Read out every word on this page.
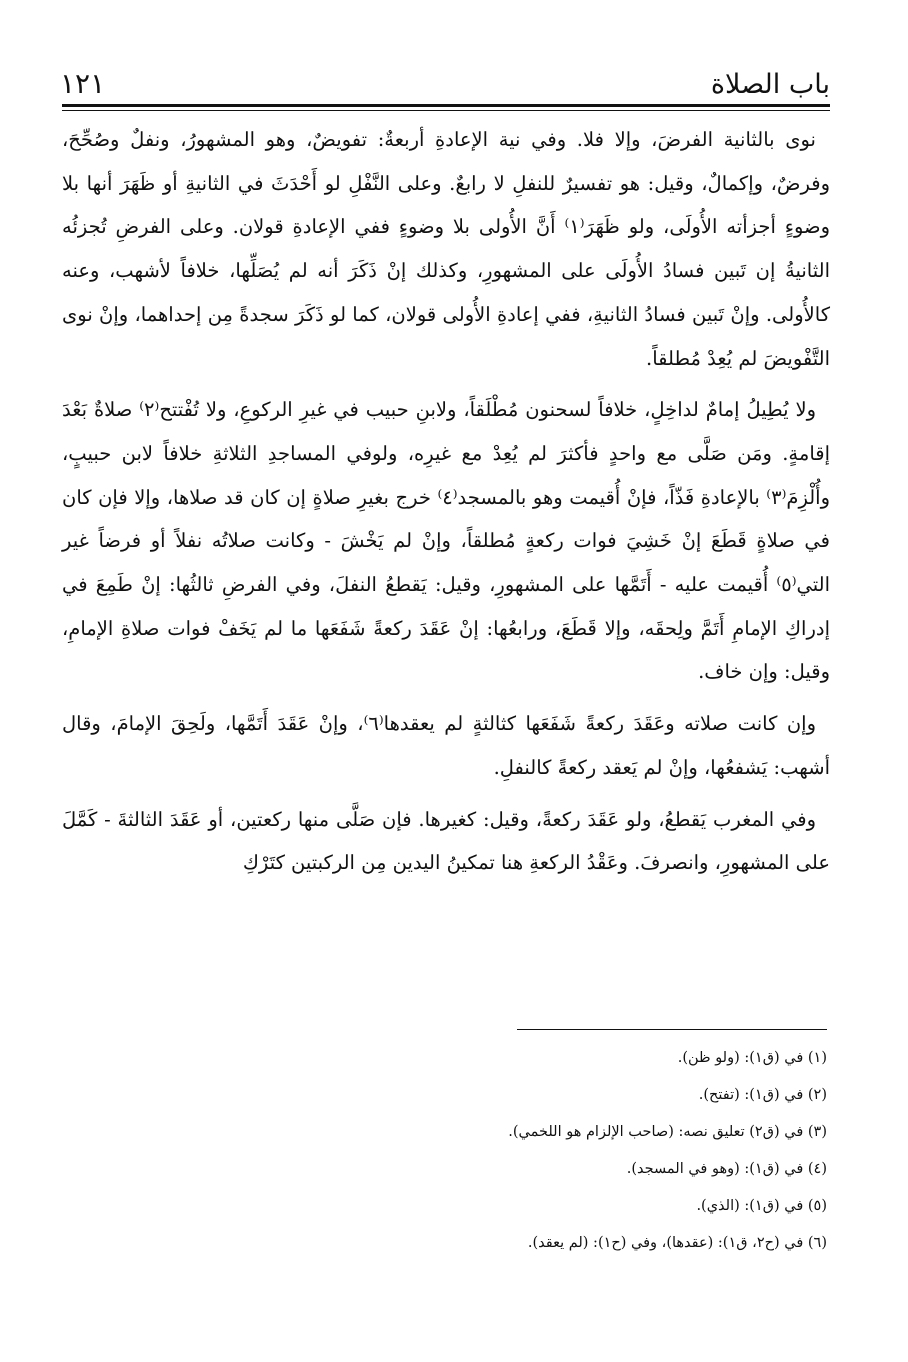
باب الصلاة
١٢١

نوى بالثانية الفرضَ، وإلا فلا. وفي نية الإعادةِ أربعةٌ: تفويضٌ، وهو المشهورُ، ونفلٌ وصُحِّحَ، وفرضٌ، وإكمالٌ، وقيل: هو تفسيرٌ للنفلِ لا رابعٌ. وعلى النَّفْلِ لو أَحْدَثَ في الثانيةِ أو ظَهَرَ أنها بلا وضوءٍ أجزأته الأُولَى، ولو ظَهَرَ⁽١⁾ أَنَّ الأُولى بلا وضوءٍ ففي الإعادةِ قولان. وعلى الفرضِ تُجزئُه الثانيةُ إن تَبين فسادُ الأُولَى على المشهورِ، وكذلك إنْ ذَكَرَ أنه لم يُصَلِّها، خلافاً لأشهب، وعنه كالأُولى. وإنْ تَبين فسادُ الثانيةِ، ففي إعادةِ الأُولى قولان، كما لو ذَكَرَ سجدةً مِن إحداهما، وإنْ نوى التَّفْويضَ لم يُعِدْ مُطلقاً.

ولا يُطِيلُ إمامٌ لداخِلٍ، خلافاً لسحنون مُطْلَقاً، ولابنِ حبيب في غيرِ الركوعِ، ولا تُفْتتح⁽٢⁾ صلاةٌ بَعْدَ إقامةٍ. ومَن صَلَّى مع واحدٍ فأكثرَ لم يُعِدْ مع غيرِه، ولوفي المساجدِ الثلاثةِ خلافاً لابن حبيبٍ، وأُلْزِمَ⁽٣⁾ بالإعادةِ فَذّاً، فإنْ أُقيمت وهو بالمسجد⁽٤⁾ خرج بغيرِ صلاةٍ إن كان قد صلاها، وإلا فإن كان في صلاةٍ قَطَعَ إنْ خَشِيَ فوات ركعةٍ مُطلقاً، وإنْ لم يَخْشَ - وكانت صلاتُه نفلاً أو فرضاً غير التي⁽٥⁾ أُقيمت عليه - أَتَمَّها على المشهورِ، وقيل: يَقطعُ النفلَ، وفي الفرضِ ثالثُها: إنْ طَمِعَ في إدراكِ الإمامِ أَتَمَّ ولِحقَه، وإلا قَطَعَ، ورابعُها: إنْ عَقَدَ ركعةً شَفَعَها ما لم يَخَفْ فوات صلاةِ الإمامِ، وقيل: وإن خاف.

وإن كانت صلاته وعَقَدَ ركعةً شَفَعَها كثالثةٍ لم يعقدها⁽٦⁾، وإنْ عَقَدَ أَتَمَّها، ولَحِقَ الإمامَ، وقال أشهب: يَشفعُها، وإنْ لم يَعقد ركعةً كالنفلِ.

وفي المغرب يَقطعُ، ولو عَقَدَ ركعةً، وقيل: كغيرها. فإن صَلَّى منها ركعتين، أو عَقَدَ الثالثةَ - كَمَّلَ على المشهورِ، وانصرفَ. وعَقْدُ الركعةِ هنا تمكينُ اليدين مِن الركبتين كتَرْكِ

(١) في (ق١): (ولو ظن).
(٢) في (ق١): (تفتح).
(٣) في (ق٢) تعليق نصه: (صاحب الإلزام هو اللخمي).
(٤) في (ق١): (وهو في المسجد).
(٥) في (ق١): (الذي).
(٦) في (ح٢، ق١): (عقدها)، وفي (ح١): (لم يعقد).
